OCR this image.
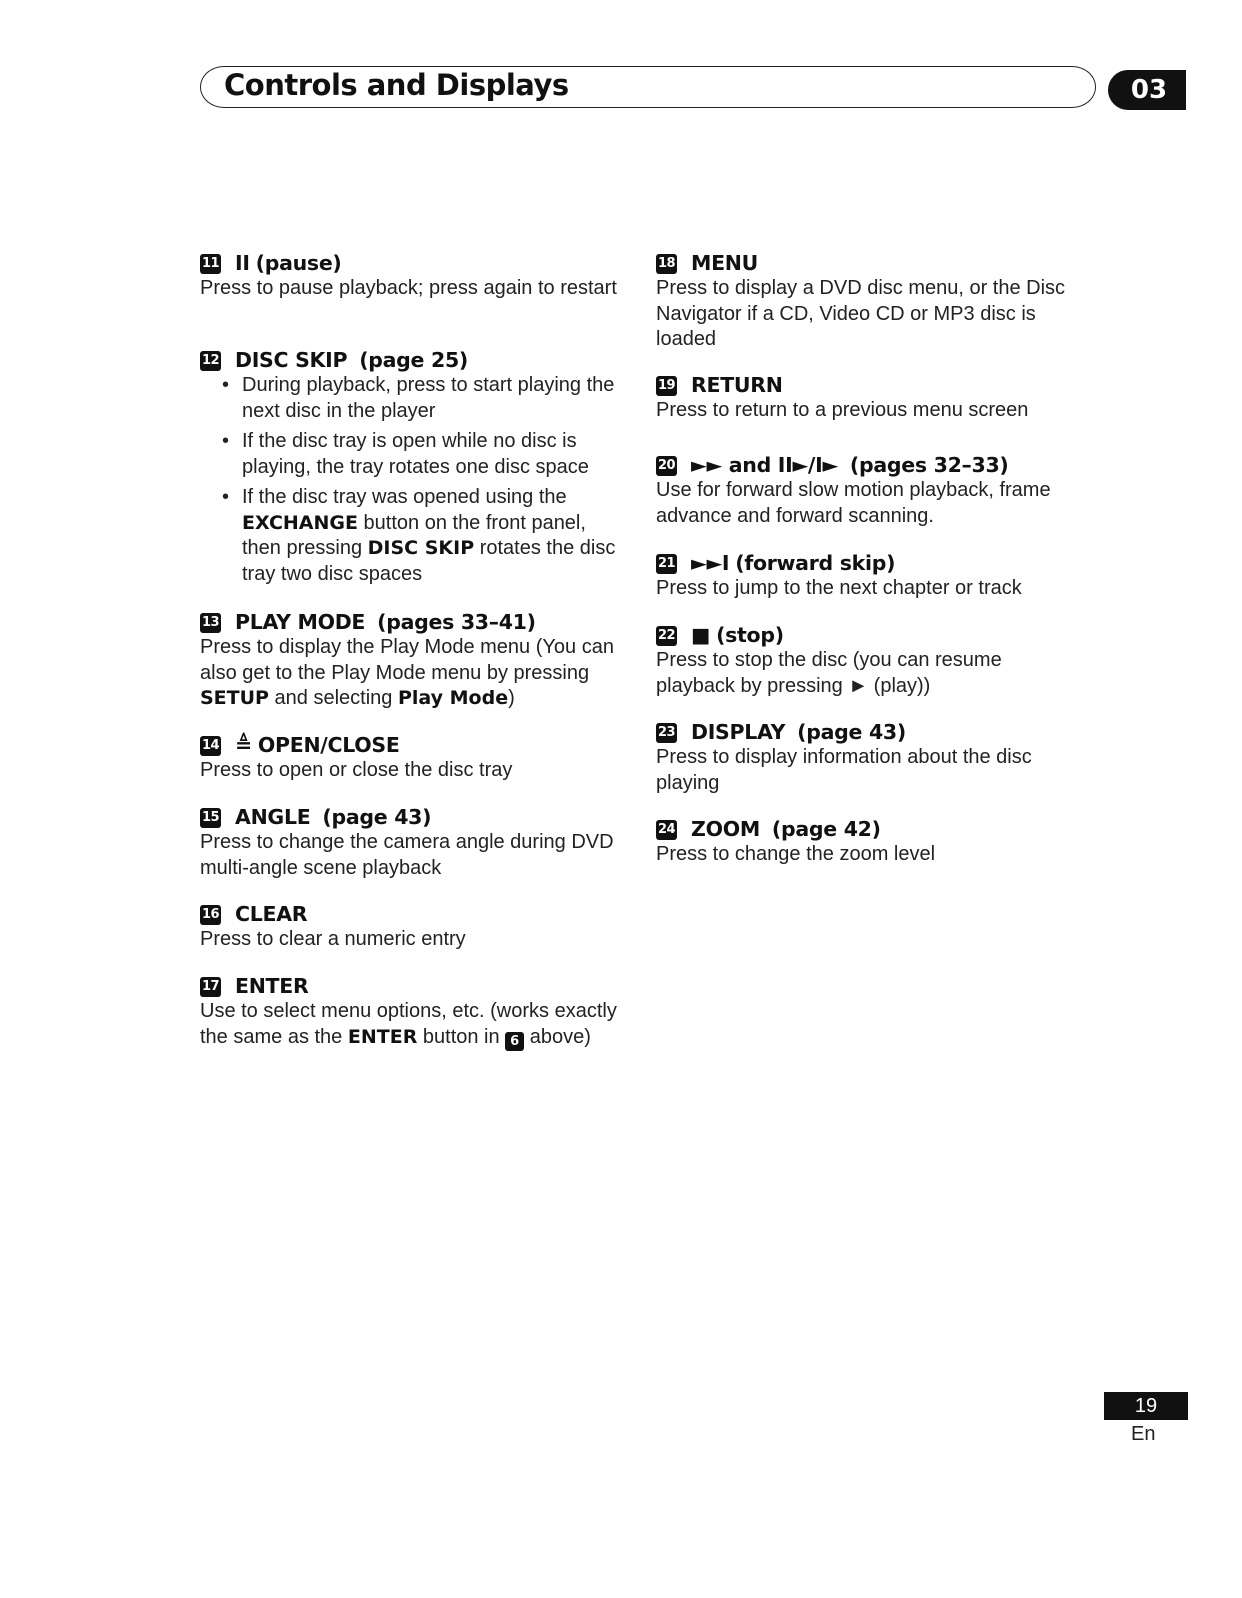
Controls and Displays	03
11 II (pause)

Press to pause playback; press again to restart

12 DISC SKIP (page 25)
• During playback, press to start playing the next disc in the player
• If the disc tray is open while no disc is playing, the tray rotates one disc space
• If the disc tray was opened using the EXCHANGE button on the front panel, then pressing DISC SKIP rotates the disc tray two disc spaces
13 PLAY MODE (pages 33–41)

Press to display the Play Mode menu (You can also get to the Play Mode menu by pressing SETUP and selecting Play Mode)

14 ≜ OPEN/CLOSE

Press to open or close the disc tray

15 ANGLE (page 43)

Press to change the camera angle during DVD multi-angle scene playback

16 CLEAR

Press to clear a numeric entry

17 ENTER

Use to select menu options, etc. (works exactly the same as the ENTER button in 6 above)

18 MENU

Press to display a DVD disc menu, or the Disc Navigator if a CD, Video CD or MP3 disc is loaded

19 RETURN

Press to return to a previous menu screen

20 ►► and II►/I► (pages 32–33)

Use for forward slow motion playback, frame advance and forward scanning.

21 ►►I (forward skip)

Press to jump to the next chapter or track

22 ■ (stop)

Press to stop the disc (you can resume playback by pressing ► (play))

23 DISPLAY (page 43)

Press to display information about the disc playing

24 ZOOM (page 42)

Press to change the zoom level

19
En
